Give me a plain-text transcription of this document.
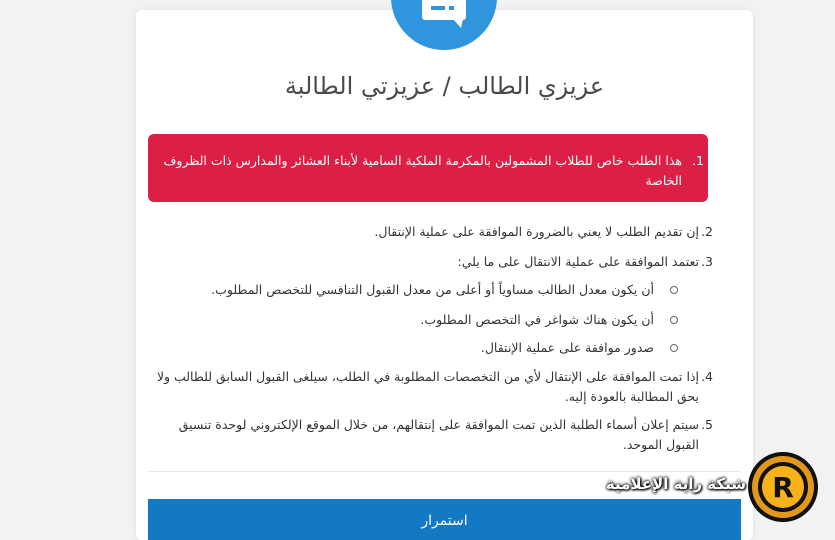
عزيزي الطالب / عزيزتي الطالبة
1.
هذا الطلب خاص للطلاب المشمولين بالمكرمة الملكية السامية لأبناء العشائر والمدارس ذات الظروف الخاصة
2.
إن تقديم الطلب لا يعني بالضرورة الموافقة على عملية الإنتقال.
3.
تعتمد الموافقة على عملية الانتقال على ما يلي:
أن يكون معدل الطالب مساوياً أو أعلى من معدل القبول التنافسي للتخصص المطلوب.
أن يكون هناك شواغر في التخصص المطلوب.
صدور موافقة على عملية الإنتقال.
4.
إذا تمت الموافقة على الإنتقال لأي من التخصصات المطلوبة في الطلب، سيلغى القبول السابق للطالب ولا يحق المطالبة بالعودة إليه.
5.
سيتم إعلان أسماء الطلبة الذين تمت الموافقة على إنتقالهم، من خلال الموقع الإلكتروني لوحدة تنسيق القبول الموحد.
استمرار
شبكة راية الإعلامية R
